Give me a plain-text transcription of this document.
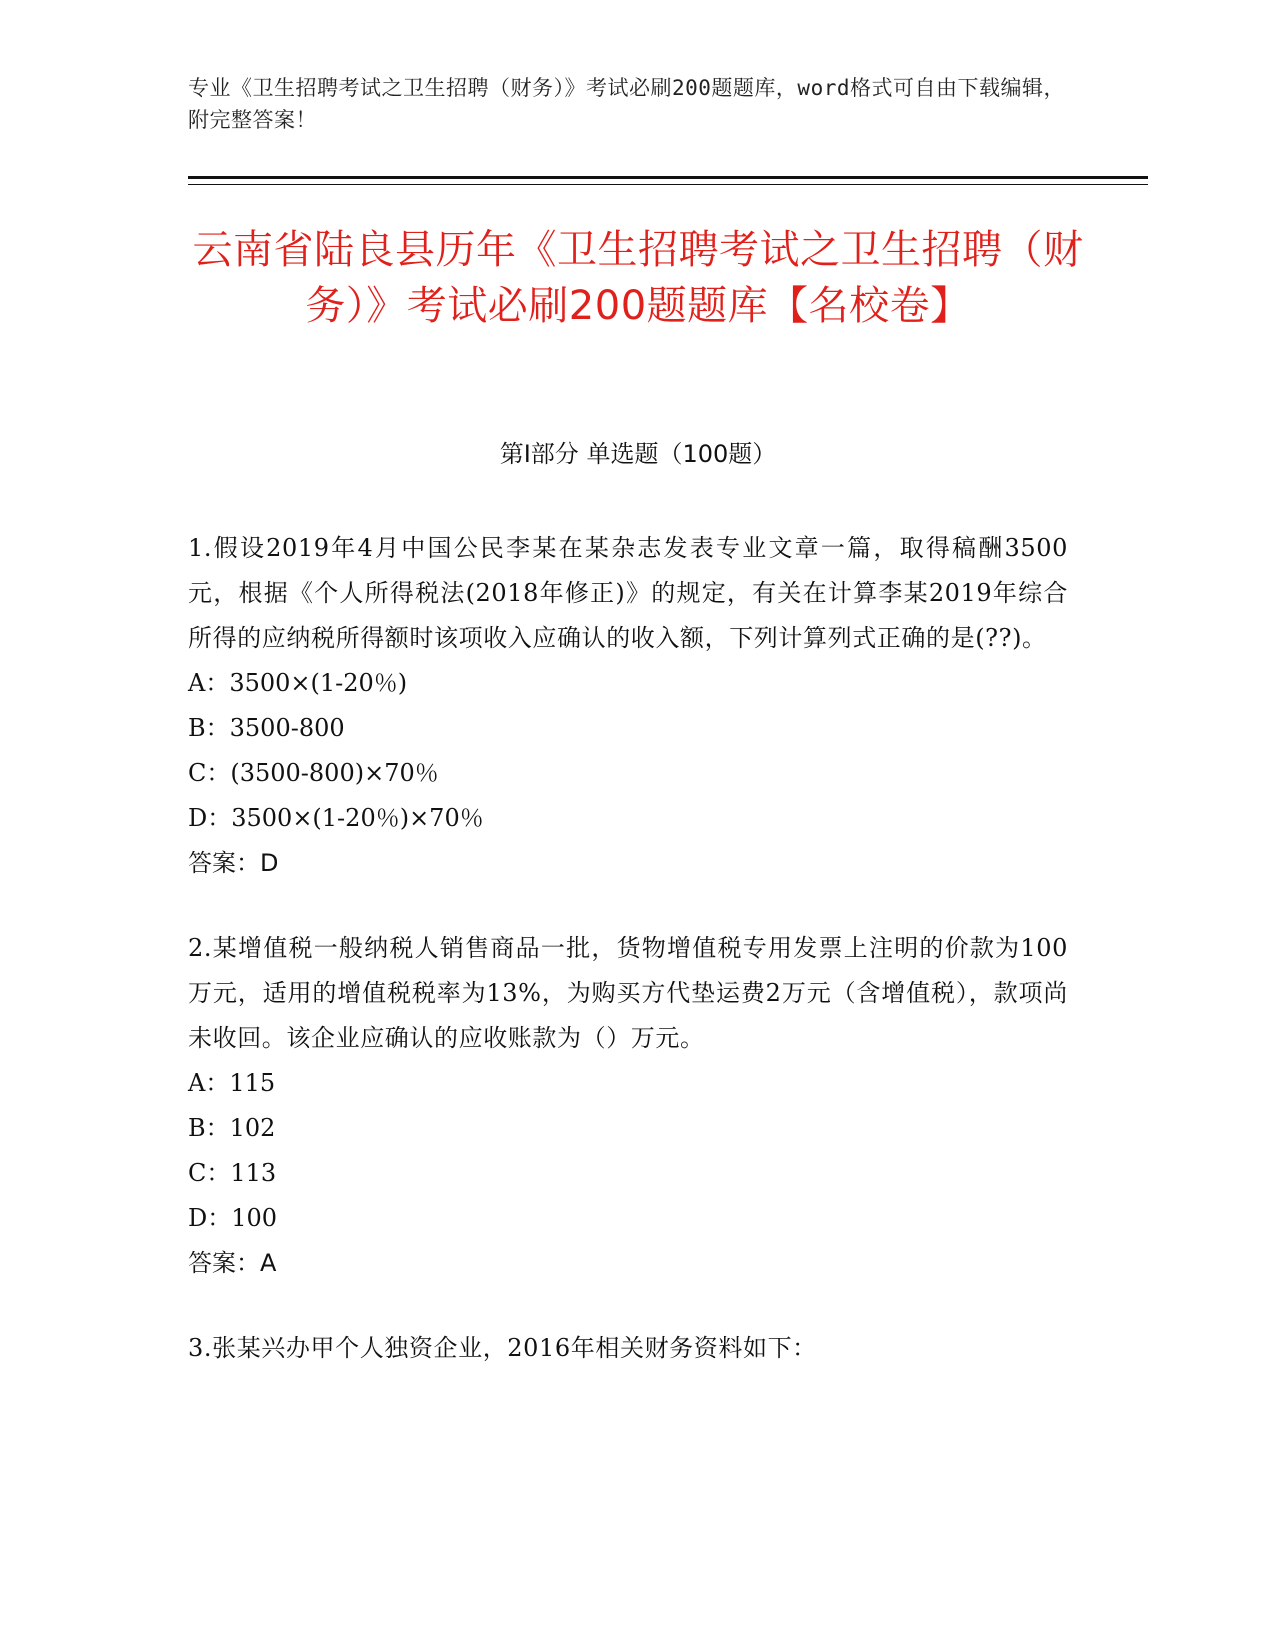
专业《卫生招聘考试之卫生招聘（财务）》考试必刷200题题库，word格式可自由下载编辑，附完整答案！
云南省陆良县历年《卫生招聘考试之卫生招聘（财务）》考试必刷200题题库【名校卷】
第Ⅰ部分 单选题（100题）

1.假设2019年4月中国公民李某在某杂志发表专业文章一篇，取得稿酬3500元，根据《个人所得税法(2018年修正)》的规定，有关在计算李某2019年综合所得的应纳税所得额时该项收入应确认的收入额，下列计算列式正确的是(??)。

A：3500×(1-20％)

B：3500-800

C：(3500-800)×70％

D：3500×(1-20％)×70％

答案：D

2.某增值税一般纳税人销售商品一批，货物增值税专用发票上注明的价款为100万元，适用的增值税税率为13%，为购买方代垫运费2万元（含增值税），款项尚未收回。该企业应确认的应收账款为（）万元。

A：115

B：102

C：113

D：100

答案：A

3.张某兴办甲个人独资企业，2016年相关财务资料如下：
